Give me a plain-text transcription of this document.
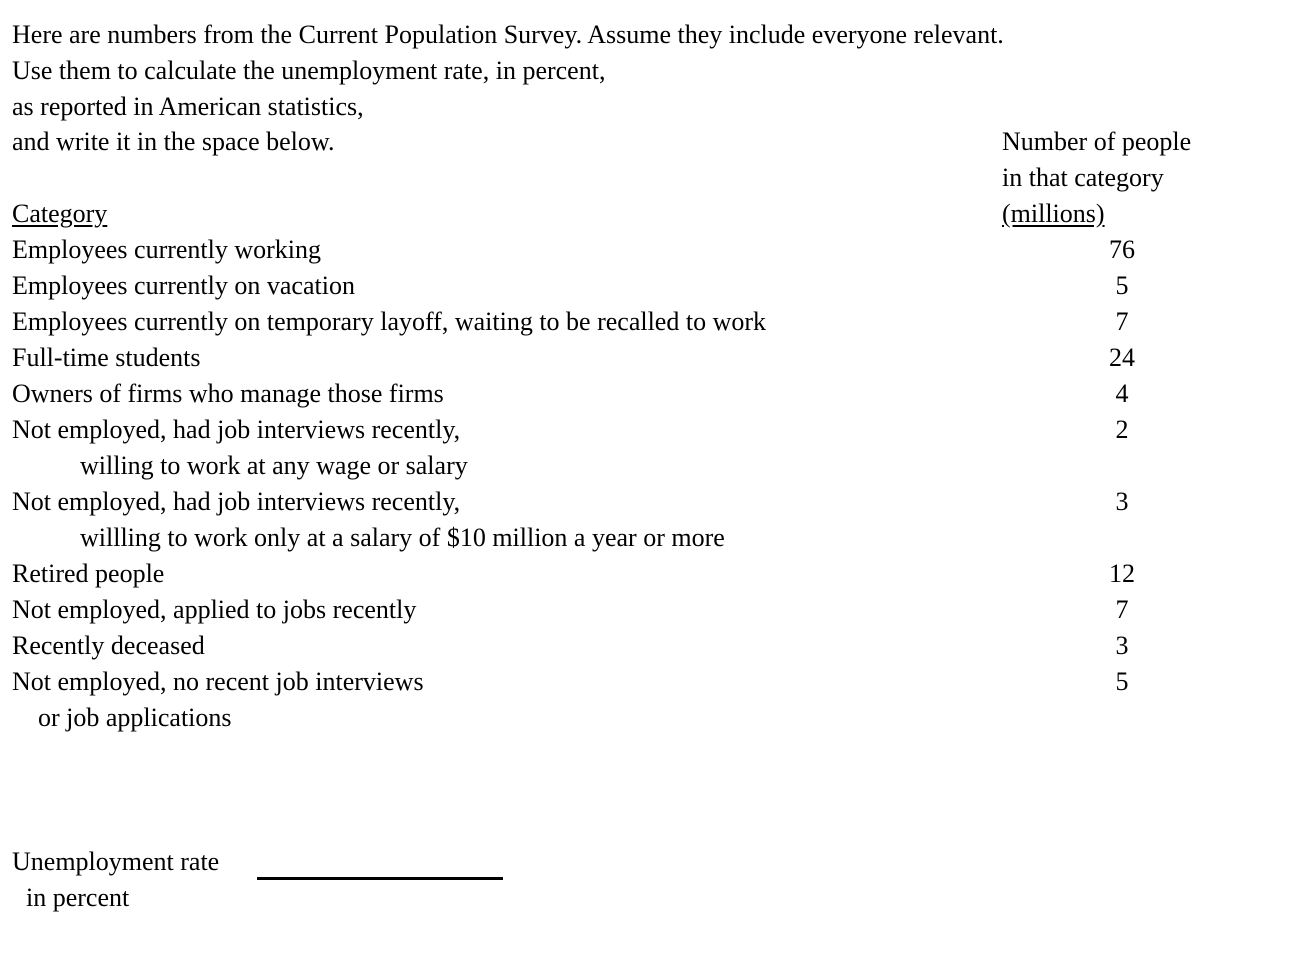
Here are numbers from the Current Population Survey. Assume they include everyone relevant.
Use them to calculate the unemployment rate, in percent,
as reported in American statistics,
and write it in the space below.	Number of people
in that category
(millions)
Category
Employees currently working	76
Employees currently on vacation	5
Employees currently on temporary layoff, waiting to be recalled to work	7
Full-time students	24
Owners of firms who manage those firms	4
Not employed, had job interviews recently,	2
willing to work at any wage or salary
Not employed, had job interviews recently,	3
willling to work only at a salary of $10 million a year or more
Retired people	12
Not employed, applied to jobs recently	7
Recently deceased	3
Not employed, no recent job interviews	5
or job applications
Unemployment rate
in percent
